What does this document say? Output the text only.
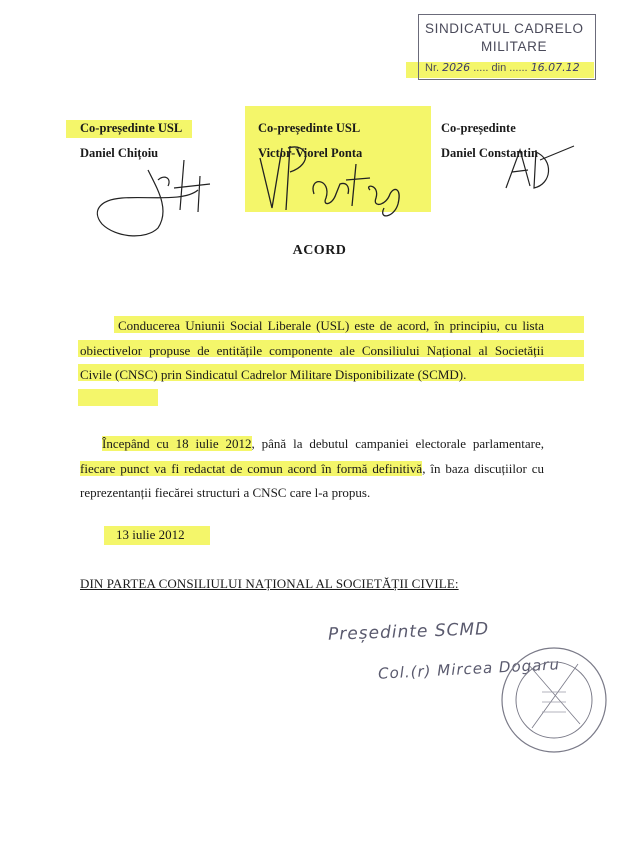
SINDICATUL CADRELO
MILITARE
Nr. 2026 ..... din ...... 16.07.12
Co-președinte USL
Daniel Chițoiu
Co-președinte USL
Victor-Viorel Ponta
Co-președinte
Daniel Constantin
ACORD
Conducerea Uniunii Social Liberale (USL) este de acord, în principiu, cu lista obiectivelor propuse de entitățile componente ale Consiliului Național al Societății Civile (CNSC) prin Sindicatul Cadrelor Militare Disponibilizate (SCMD).
Începând cu 18 iulie 2012, până la debutul campaniei electorale parlamentare, fiecare punct va fi redactat de comun acord în formă definitivă, în baza discuțiilor cu reprezentanții fiecărei structuri a CNSC care l-a propus.
13 iulie 2012
DIN PARTEA CONSILIULUI NAȚIONAL AL SOCIETĂȚII CIVILE:
Președinte SCMD
Col.(r) Mircea Dogaru
